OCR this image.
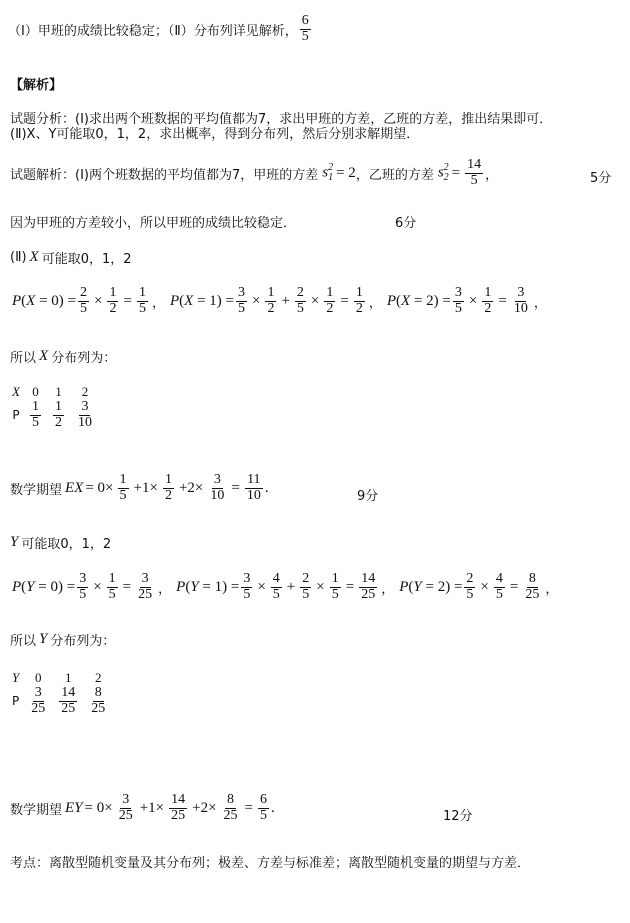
（Ⅰ）甲班的成绩比较稳定；（Ⅱ）分布列详见解析， $\frac{6}{5}$
【解析】
试题分析：(Ⅰ)求出两个班数据的平均值都为7，求出甲班的方差，乙班的方差，推出结果即可．
(Ⅱ)X、Y可能取0，1，2，求出概率，得到分布列，然后分别求解期望．
试题解析：(Ⅰ)两个班数据的平均值都为7，甲班的方差 s 2
1 = 2 ，乙班的方差 s 2
$2 = \frac{14}{5}$ ，	5分
因为甲班的方差较小，所以甲班的成绩比较稳定．	6分
(Ⅱ) X 可能取0，1，2
$P(X = 0) = \frac{2}{5} \times \frac{1}{2} = \frac{1}{5}$ ， $P(X = 1) = \frac{3}{5} \times \frac{1}{2} + \frac{2}{5} \times \frac{1}{2} = \frac{1}{2}$ ， $P(X = 2) = \frac{3}{5} \times \frac{1}{2} = \frac{3}{10}$ ，
所以 X 分布列为：
X	0	1	2
P	$\frac{1}{5}$	$\frac{1}{2}$	$\frac{3}{10}$
数学期望 EX = $0\times \frac{1}{5} +1\times \frac{1}{2} +2\times \frac{3}{10} = \frac{11}{10}$ .
9分
Y 可能取0，1，2
$P(Y = 0) = \frac{3}{5} \times \frac{1}{5} = \frac{3}{25}$ ， $P(Y = 1) = \frac{3}{5} \times \frac{4}{5} + \frac{2}{5} \times \frac{1}{5} = \frac{14}{25}$ ， $P(Y = 2) = \frac{2}{5} \times \frac{4}{5} = \frac{8}{25}$ ，
所以 Y 分布列为：
Y	0	1	2
P	$\frac{3}{25}$	$\frac{14}{25}$	$\frac{8}{25}$
数学期望 EY = $0\times \frac{3}{25} +1\times \frac{14}{25} +2\times \frac{8}{25} = \frac{6}{5}$ .
12分
考点：离散型随机变量及其分布列；极差、方差与标准差；离散型随机变量的期望与方差．
